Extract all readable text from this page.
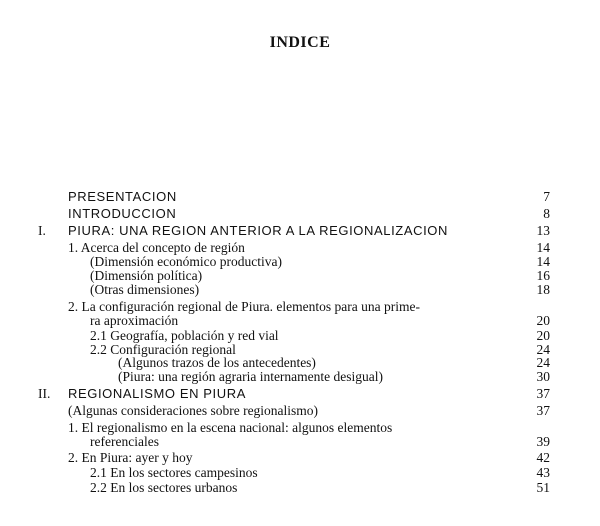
INDICE
PRESENTACION	7
INTRODUCCION	8
I. PIURA: UNA REGION ANTERIOR A LA REGIONALIZACION	13
1. Acerca del concepto de región	14
(Dimensión económico productiva)	14
(Dimensión política)	16
(Otras dimensiones)	18
2. La configuración regional de Piura. elementos para una prime-
ra aproximación	20
2.1 Geografía, población y red vial	20
2.2 Configuración regional	24
(Algunos trazos de los antecedentes)	24
(Piura: una región agraria internamente desigual)	30
II. REGIONALISMO EN PIURA	37
(Algunas consideraciones sobre regionalismo)	37
1. El regionalismo en la escena nacional: algunos elementos
referenciales	39
2. En Piura: ayer y hoy	42
2.1 En los sectores campesinos	43
2.2 En los sectores urbanos	51
